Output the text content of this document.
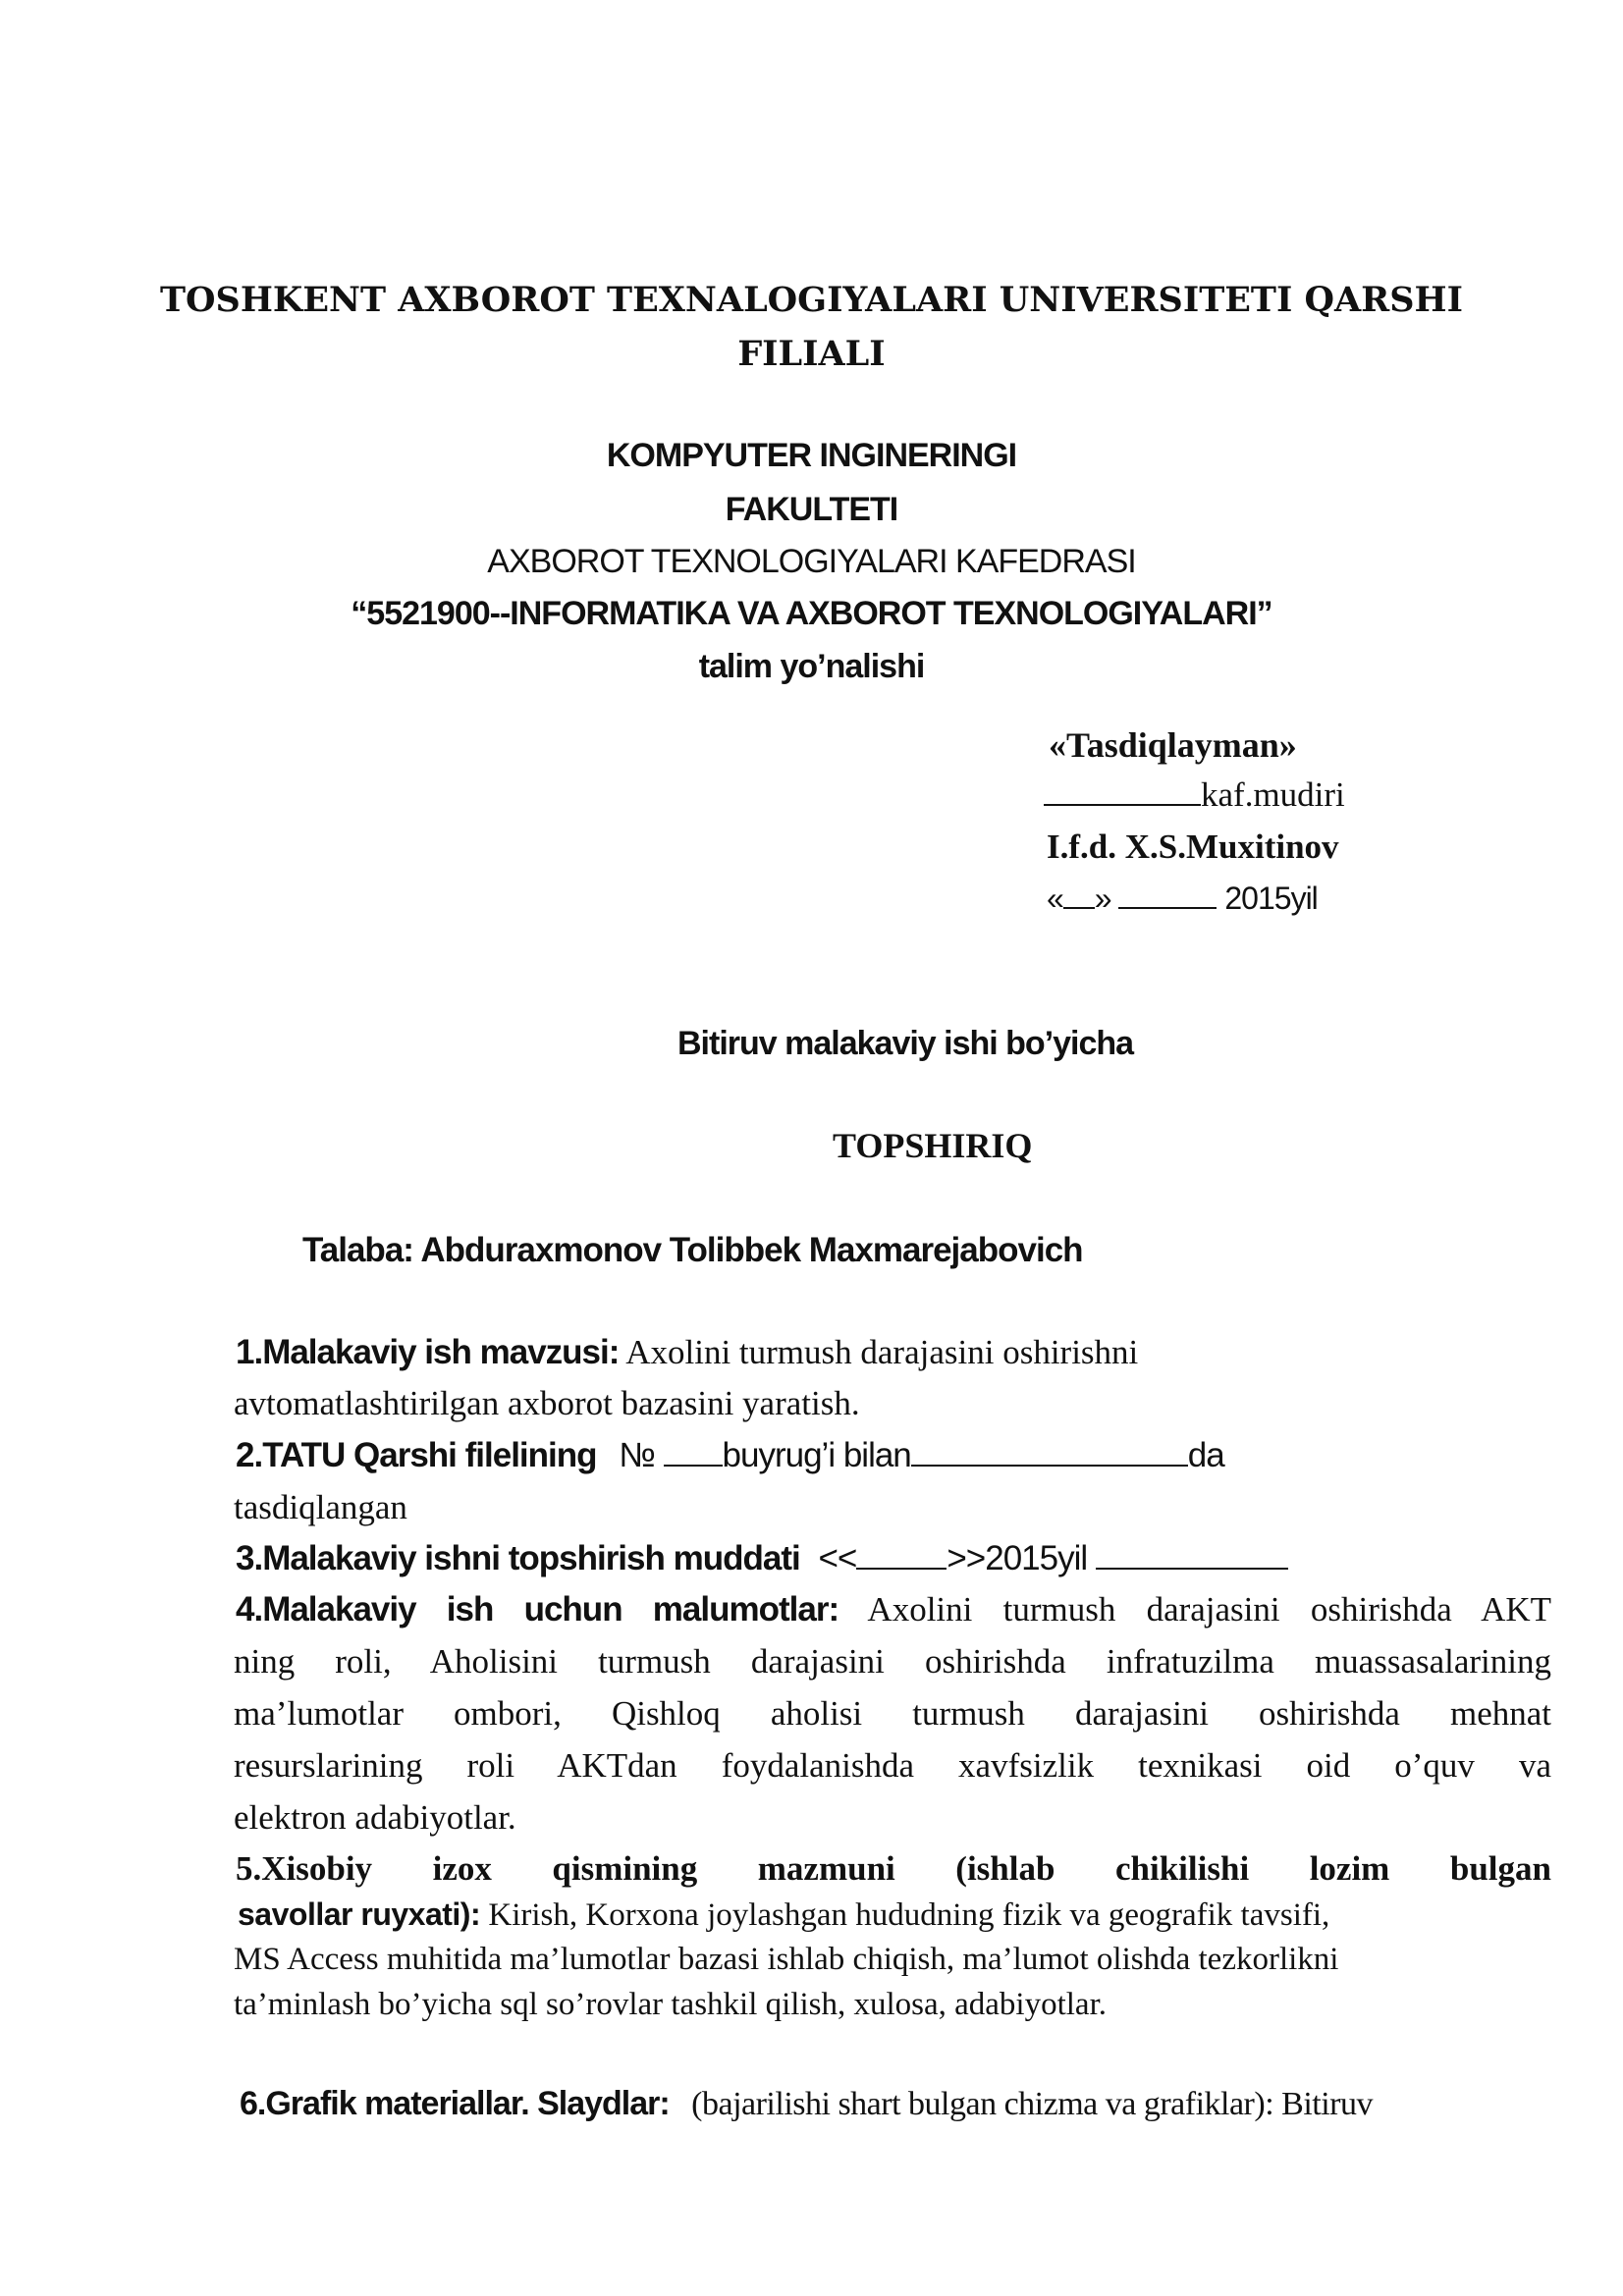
TOSHKENT AXBOROT TEXNALOGIYALARI UNIVERSITETI QARSHI
FILIALI
KOMPYUTER INGINERINGI
FAKULTETI
AXBOROT TEXNOLOGIYALARI KAFEDRASI
“5521900--INFORMATIKA VA AXBOROT TEXNOLOGIYALARI”
talim yo’nalishi
«Tasdiqlayman»
kaf.mudiri
I.f.d. X.S.Muxitinov
« »	2015yil
Bitiruv malakaviy ishi bo’yicha
TOPSHIRIQ
Talaba: Abduraxmonov Tolibbek Maxmarejabovich
1.Malakaviy ish mavzusi: Axolini turmush darajasini oshirishni
avtomatlashtirilgan axborot bazasini yaratish.
2.TATU Qarshi filelining № buyrug’i bilan	da
tasdiqlangan
3.Malakaviy ishni topshirish muddati <<	>>2015yil
4.Malakaviy ish uchun malumotlar: Axolini turmush darajasini oshirishda AKT
ning roli, Aholisini turmush darajasini oshirishda infratuzilma muassasalarining
ma’lumotlar ombori, Qishloq aholisi turmush darajasini oshirishda mehnat
resurslarining roli AKTdan foydalanishda xavfsizlik texnikasi oid o’quv va
elektron adabiyotlar.
5.Xisobiy izox qismining mazmuni (ishlab chikilishi lozim bulgan
savollar ruyxati): Kirish, Korxona joylashgan hududning fizik va geografik tavsifi,
MS Access muhitida ma’lumotlar bazasi ishlab chiqish, ma’lumot olishda tezkorlikni
ta’minlash bo’yicha sql so’rovlar tashkil qilish, xulosa, adabiyotlar.
6.Grafik materiallar. Slaydlar: (bajarilishi shart bulgan chizma va grafiklar): Bitiruv
